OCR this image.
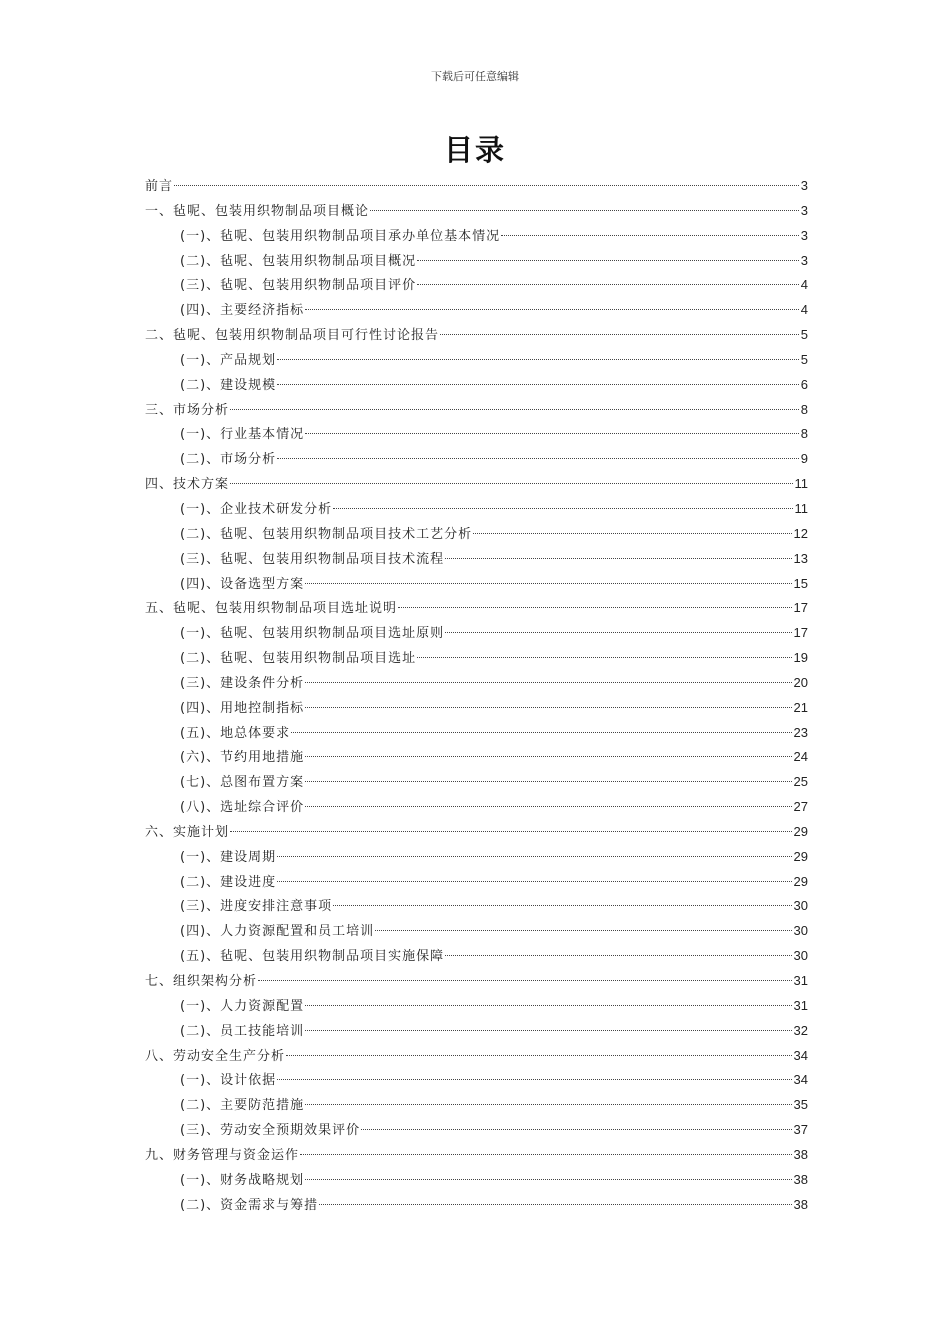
下载后可任意编辑
目录
前言	3
一、毡呢、包装用织物制品项目概论	3
(一)、毡呢、包装用织物制品项目承办单位基本情况	3
(二)、毡呢、包装用织物制品项目概况	3
(三)、毡呢、包装用织物制品项目评价	4
(四)、主要经济指标	4
二、毡呢、包装用织物制品项目可行性讨论报告	5
(一)、产品规划	5
(二)、建设规模	6
三、市场分析	8
(一)、行业基本情况	8
(二)、市场分析	9
四、技术方案	11
(一)、企业技术研发分析	11
(二)、毡呢、包装用织物制品项目技术工艺分析	12
(三)、毡呢、包装用织物制品项目技术流程	13
(四)、设备选型方案	15
五、毡呢、包装用织物制品项目选址说明	17
(一)、毡呢、包装用织物制品项目选址原则	17
(二)、毡呢、包装用织物制品项目选址	19
(三)、建设条件分析	20
(四)、用地控制指标	21
(五)、地总体要求	23
(六)、节约用地措施	24
(七)、总图布置方案	25
(八)、选址综合评价	27
六、实施计划	29
(一)、建设周期	29
(二)、建设进度	29
(三)、进度安排注意事项	30
(四)、人力资源配置和员工培训	30
(五)、毡呢、包装用织物制品项目实施保障	30
七、组织架构分析	31
(一)、人力资源配置	31
(二)、员工技能培训	32
八、劳动安全生产分析	34
(一)、设计依据	34
(二)、主要防范措施	35
(三)、劳动安全预期效果评价	37
九、财务管理与资金运作	38
(一)、财务战略规划	38
(二)、资金需求与筹措	38
